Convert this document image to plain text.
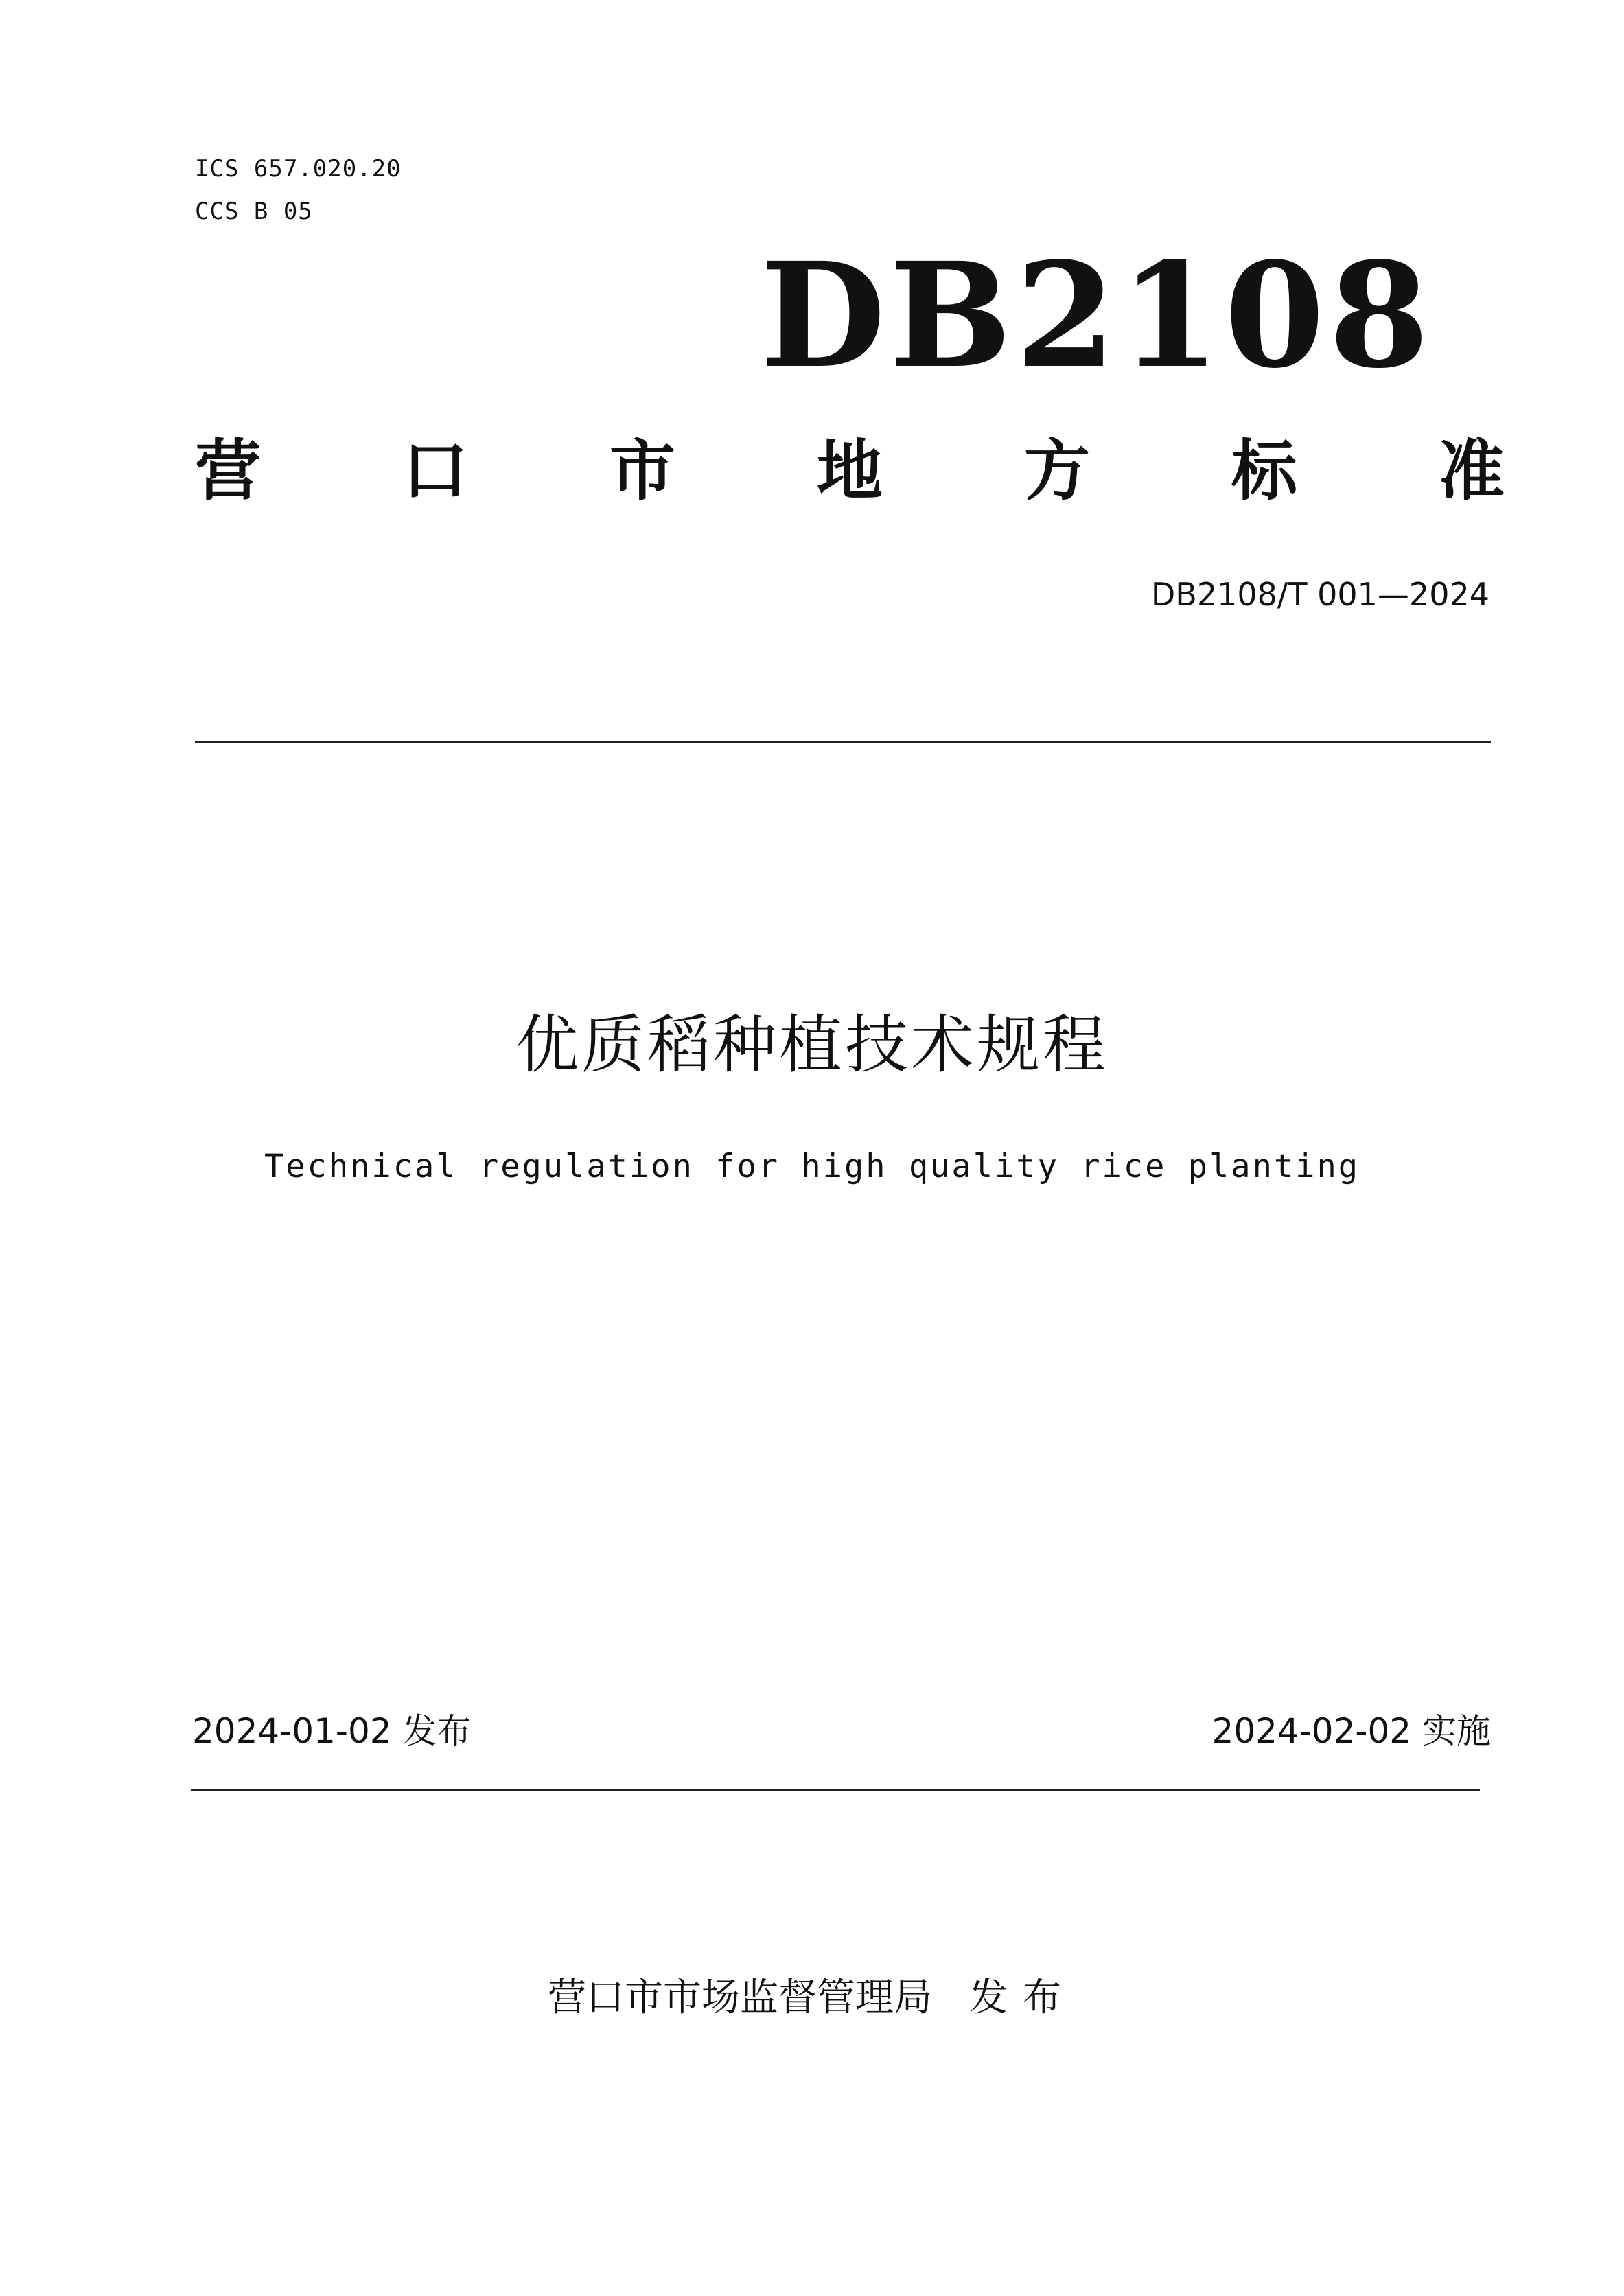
ICS 657.020.20
CCS B 05
DB2108
营 口 市 地 方 标 准
DB2108/T 001—2024
优质稻种植技术规程
Technical regulation for high quality rice planting
2024-01-02 发布	2024-02-02 实施
营口市市场监督管理局 发布
